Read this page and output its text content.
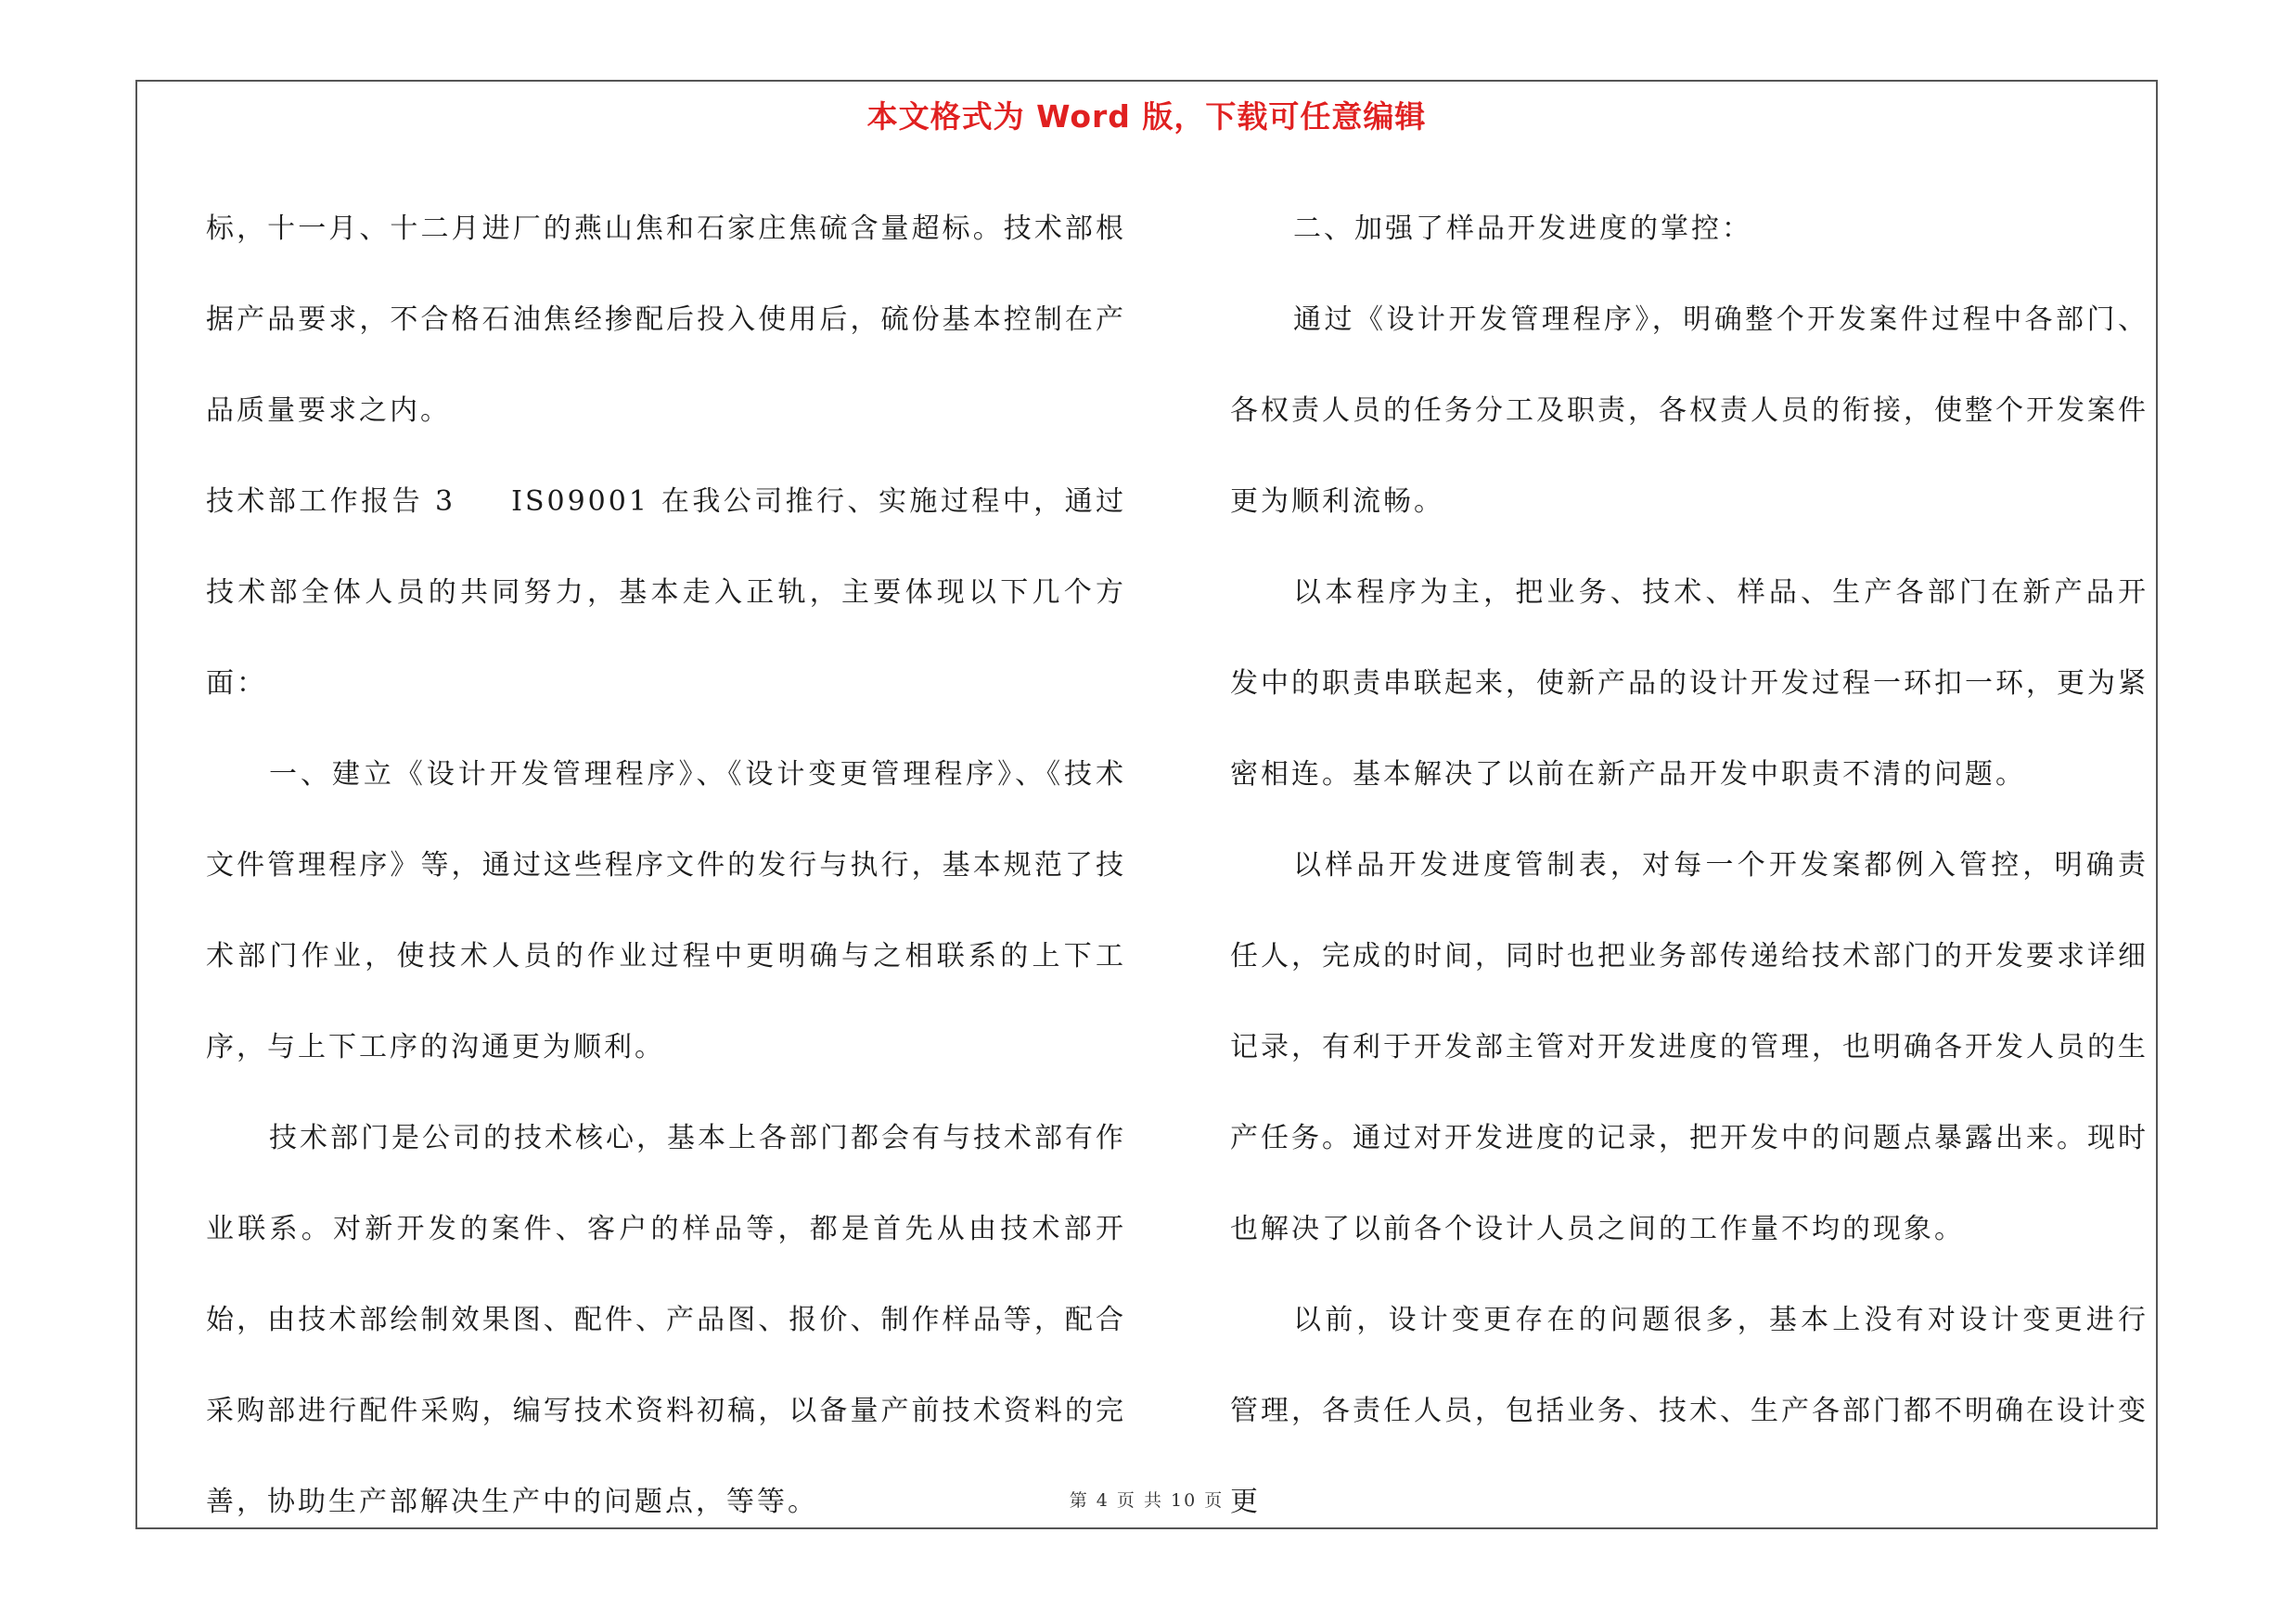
本文格式为 Word 版，下载可任意编辑

标，十一月、十二月进厂的燕山焦和石家庄焦硫含量超标。技术部根据产品要求，不合格石油焦经掺配后投入使用后，硫份基本控制在产品质量要求之内。

技术部工作报告 3 IS09001 在我公司推行、实施过程中，通过技术部全体人员的共同努力，基本走入正轨，主要体现以下几个方面：

一、建立《设计开发管理程序》、《设计变更管理程序》、《技术文件管理程序》等，通过这些程序文件的发行与执行，基本规范了技术部门作业，使技术人员的作业过程中更明确与之相联系的上下工序，与上下工序的沟通更为顺利。

技术部门是公司的技术核心，基本上各部门都会有与技术部有作业联系。对新开发的案件、客户的样品等，都是首先从由技术部开始，由技术部绘制效果图、配件、产品图、报价、制作样品等，配合采购部进行配件采购，编写技术资料初稿，以备量产前技术资料的完善，协助生产部解决生产中的问题点，等等。

二、加强了样品开发进度的掌控：

通过《设计开发管理程序》，明确整个开发案件过程中各部门、各权责人员的任务分工及职责，各权责人员的衔接，使整个开发案件更为顺利流畅。

以本程序为主，把业务、技术、样品、生产各部门在新产品开发中的职责串联起来，使新产品的设计开发过程一环扣一环，更为紧密相连。基本解决了以前在新产品开发中职责不清的问题。

以样品开发进度管制表，对每一个开发案都例入管控，明确责任人，完成的时间，同时也把业务部传递给技术部门的开发要求详细记录，有利于开发部主管对开发进度的管理，也明确各开发人员的生产任务。通过对开发进度的记录，把开发中的问题点暴露出来。现时也解决了以前各个设计人员之间的工作量不均的现象。

以前，设计变更存在的问题很多，基本上没有对设计变更进行管理，各责任人员，包括业务、技术、生产各部门都不明确在设计变更

第 4 页 共 10 页
